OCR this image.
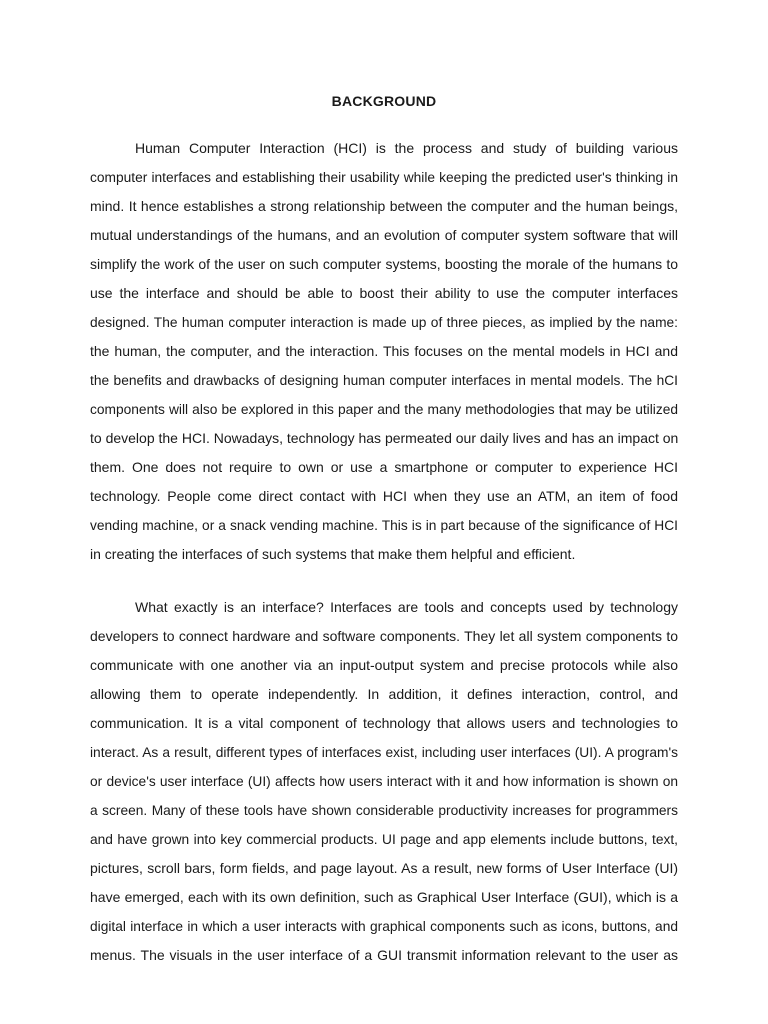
BACKGROUND
Human Computer Interaction (HCI) is the process and study of building various
computer interfaces and establishing their usability while keeping the predicted user's thinking in
mind. It hence establishes a strong relationship between the computer and the human beings,
mutual understandings of the humans, and an evolution of computer system software that will
simplify the work of the user on such computer systems, boosting the morale of the humans to
use the interface and should be able to boost their ability to use the computer interfaces
designed. The human computer interaction is made up of three pieces, as implied by the name:
the human, the computer, and the interaction. This focuses on the mental models in HCI and
the benefits and drawbacks of designing human computer interfaces in mental models. The hCI
components will also be explored in this paper and the many methodologies that may be utilized
to develop the HCI. Nowadays, technology has permeated our daily lives and has an impact on
them. One does not require to own or use a smartphone or computer to experience HCI
technology. People come direct contact with HCI when they use an ATM, an item of food
vending machine, or a snack vending machine. This is in part because of the significance of HCI
in creating the interfaces of such systems that make them helpful and efficient.
What exactly is an interface? Interfaces are tools and concepts used by technology
developers to connect hardware and software components. They let all system components to
communicate with one another via an input-output system and precise protocols while also
allowing them to operate independently. In addition, it defines interaction, control, and
communication. It is a vital component of technology that allows users and technologies to
interact. As a result, different types of interfaces exist, including user interfaces (UI). A program's
or device's user interface (UI) affects how users interact with it and how information is shown on
a screen. Many of these tools have shown considerable productivity increases for programmers
and have grown into key commercial products. UI page and app elements include buttons, text,
pictures, scroll bars, form fields, and page layout. As a result, new forms of User Interface (UI)
have emerged, each with its own definition, such as Graphical User Interface (GUI), which is a
digital interface in which a user interacts with graphical components such as icons, buttons, and
menus. The visuals in the user interface of a GUI transmit information relevant to the user as
